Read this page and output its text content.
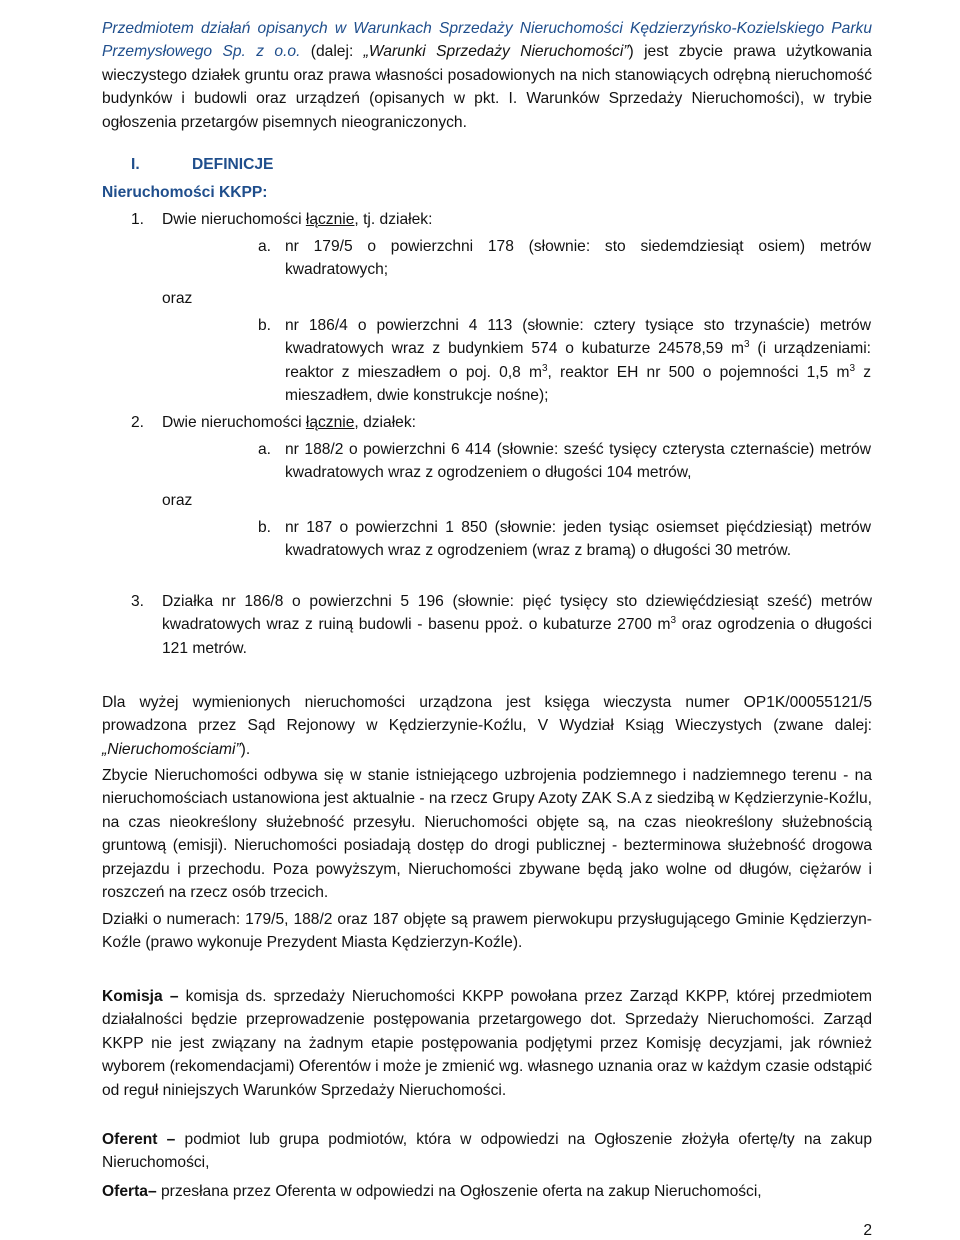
Przedmiotem działań opisanych w Warunkach Sprzedaży Nieruchomości Kędzierzyńsko-Kozielskiego Parku Przemysłowego Sp. z o.o. (dalej: „Warunki Sprzedaży Nieruchomości”) jest zbycie prawa użytkowania wieczystego działek gruntu oraz prawa własności posadowionych na nich stanowiących odrębną nieruchomość budynków i budowli oraz urządzeń (opisanych w pkt. I. Warunków Sprzedaży Nieruchomości), w trybie ogłoszenia przetargów pisemnych nieograniczonych.

I.	DEFINICJE
Nieruchomości KKPP:
1. Dwie nieruchomości łącznie, tj. działek:
a. nr 179/5 o powierzchni 178 (słownie: sto siedemdziesiąt osiem) metrów kwadratowych;

oraz
b. nr 186/4 o powierzchni 4 113 (słownie: cztery tysiące sto trzynaście) metrów kwadratowych wraz z budynkiem 574 o kubaturze 24578,59 $m^3$ (i urządzeniami: reaktor z mieszadłem o poj. 0,8 $m^3$, reaktor EH nr 500 o pojemności 1,5 $m^3$ z mieszadłem, dwie konstrukcje nośne);

2. Dwie nieruchomości łącznie, działek:
a. nr 188/2 o powierzchni 6 414 (słownie: sześć tysięcy czterysta czternaście) metrów kwadratowych wraz z ogrodzeniem o długości 104 metrów,

oraz
b. nr 187 o powierzchni 1 850 (słownie: jeden tysiąc osiemset pięćdziesiąt) metrów kwadratowych wraz z ogrodzeniem (wraz z bramą) o długości 30 metrów.

3. Działka nr 186/8 o powierzchni 5 196 (słownie: pięć tysięcy sto dziewięćdziesiąt sześć) metrów kwadratowych wraz z ruiną budowli - basenu ppoż. o kubaturze 2700 $m^3$ oraz ogrodzenia o długości 121 metrów.

Dla wyżej wymienionych nieruchomości urządzona jest księga wieczysta numer OP1K/00055121/5 prowadzona przez Sąd Rejonowy w Kędzierzynie-Koźlu, V Wydział Ksiąg Wieczystych (zwane dalej: „Nieruchomościami”).

Zbycie Nieruchomości odbywa się w stanie istniejącego uzbrojenia podziemnego i nadziemnego terenu - na nieruchomościach ustanowiona jest aktualnie - na rzecz Grupy Azoty ZAK S.A z siedzibą w Kędzierzynie-Koźlu, na czas nieokreślony służebność przesyłu. Nieruchomości objęte są, na czas nieokreślony służebnością gruntową (emisji). Nieruchomości posiadają dostęp do drogi publicznej - bezterminowa służebność drogowa przejazdu i przechodu. Poza powyższym, Nieruchomości zbywane będą jako wolne od długów, ciężarów i roszczeń na rzecz osób trzecich.

Działki o numerach: 179/5, 188/2 oraz 187 objęte są prawem pierwokupu przysługującego Gminie Kędzierzyn-Koźle (prawo wykonuje Prezydent Miasta Kędzierzyn-Koźle).

Komisja – komisja ds. sprzedaży Nieruchomości KKPP powołana przez Zarząd KKPP, której przedmiotem działalności będzie przeprowadzenie postępowania przetargowego dot. Sprzedaży Nieruchomości. Zarząd KKPP nie jest związany na żadnym etapie postępowania podjętymi przez Komisję decyzjami, jak również wyborem (rekomendacjami) Oferentów i może je zmienić wg. własnego uznania oraz w każdym czasie odstąpić od reguł niniejszych Warunków Sprzedaży Nieruchomości.

Oferent – podmiot lub grupa podmiotów, która w odpowiedzi na Ogłoszenie złożyła ofertę/ty na zakup Nieruchomości,

Oferta– przesłana przez Oferenta w odpowiedzi na Ogłoszenie oferta na zakup Nieruchomości,

2
